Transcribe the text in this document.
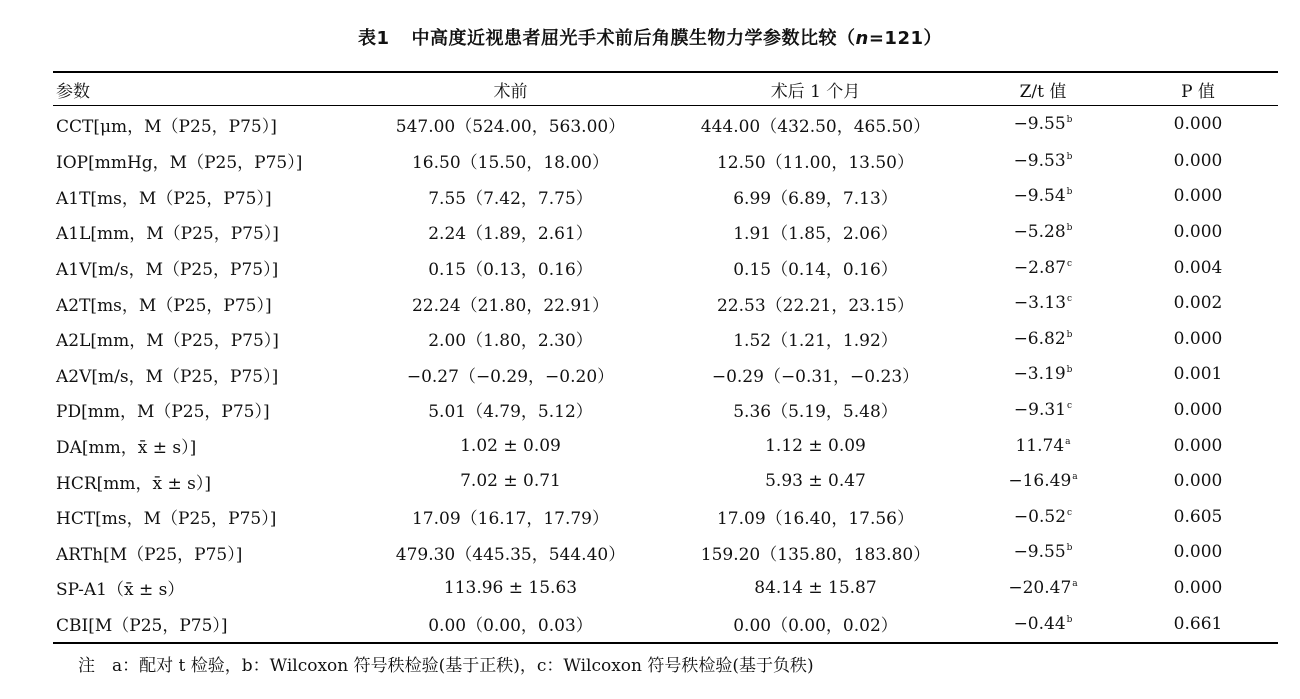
表1 中高度近视患者屈光手术前后角膜生物力学参数比较（n=121）
参数	术前	术后 1 个月	Z/t 值	P 值
CCT[μm，M（P25，P75）]	547.00（524.00，563.00）	444.00（432.50，465.50）	−9.55$^b$	0.000
IOP[mmHg，M（P25，P75）]	16.50（15.50，18.00）	12.50（11.00，13.50）	−9.53$^b$	0.000
A1T[ms，M（P25，P75）]	7.55（7.42，7.75）	6.99（6.89，7.13）	−9.54$^b$	0.000
A1L[mm，M（P25，P75）]	2.24（1.89，2.61）	1.91（1.85，2.06）	−5.28$^b$	0.000
A1V[m/s，M（P25，P75）]	0.15（0.13，0.16）	0.15（0.14，0.16）	−2.87$^c$	0.004
A2T[ms，M（P25，P75）]	22.24（21.80，22.91）	22.53（22.21，23.15）	−3.13$^c$	0.002
A2L[mm，M（P25，P75）]	2.00（1.80，2.30）	1.52（1.21，1.92）	−6.82$^b$	0.000
A2V[m/s，M（P25，P75）]	−0.27（−0.29，−0.20）	−0.29（−0.31，−0.23）	−3.19$^b$	0.001
PD[mm，M（P25，P75）]	5.01（4.79，5.12）	5.36（5.19，5.48）	−9.31$^c$	0.000
DA[mm，x̄ ± s）]	1.02 ± 0.09	1.12 ± 0.09	11.74$^a$	0.000
HCR[mm，x̄ ± s）]	7.02 ± 0.71	5.93 ± 0.47	−16.49$^a$	0.000
HCT[ms，M（P25，P75）]	17.09（16.17，17.79）	17.09（16.40，17.56）	−0.52$^c$	0.605
ARTh[M（P25，P75）]	479.30（445.35，544.40）	159.20（135.80，183.80）	−9.55$^b$	0.000
SP-A1（x̄ ± s）	113.96 ± 15.63	84.14 ± 15.87	−20.47$^a$	0.000
CBI[M（P25，P75）]	0.00（0.00，0.03）	0.00（0.00，0.02）	−0.44$^b$	0.661
注　a：配对 t 检验，b：Wilcoxon 符号秩检验(基于正秩)，c：Wilcoxon 符号秩检验(基于负秩)
